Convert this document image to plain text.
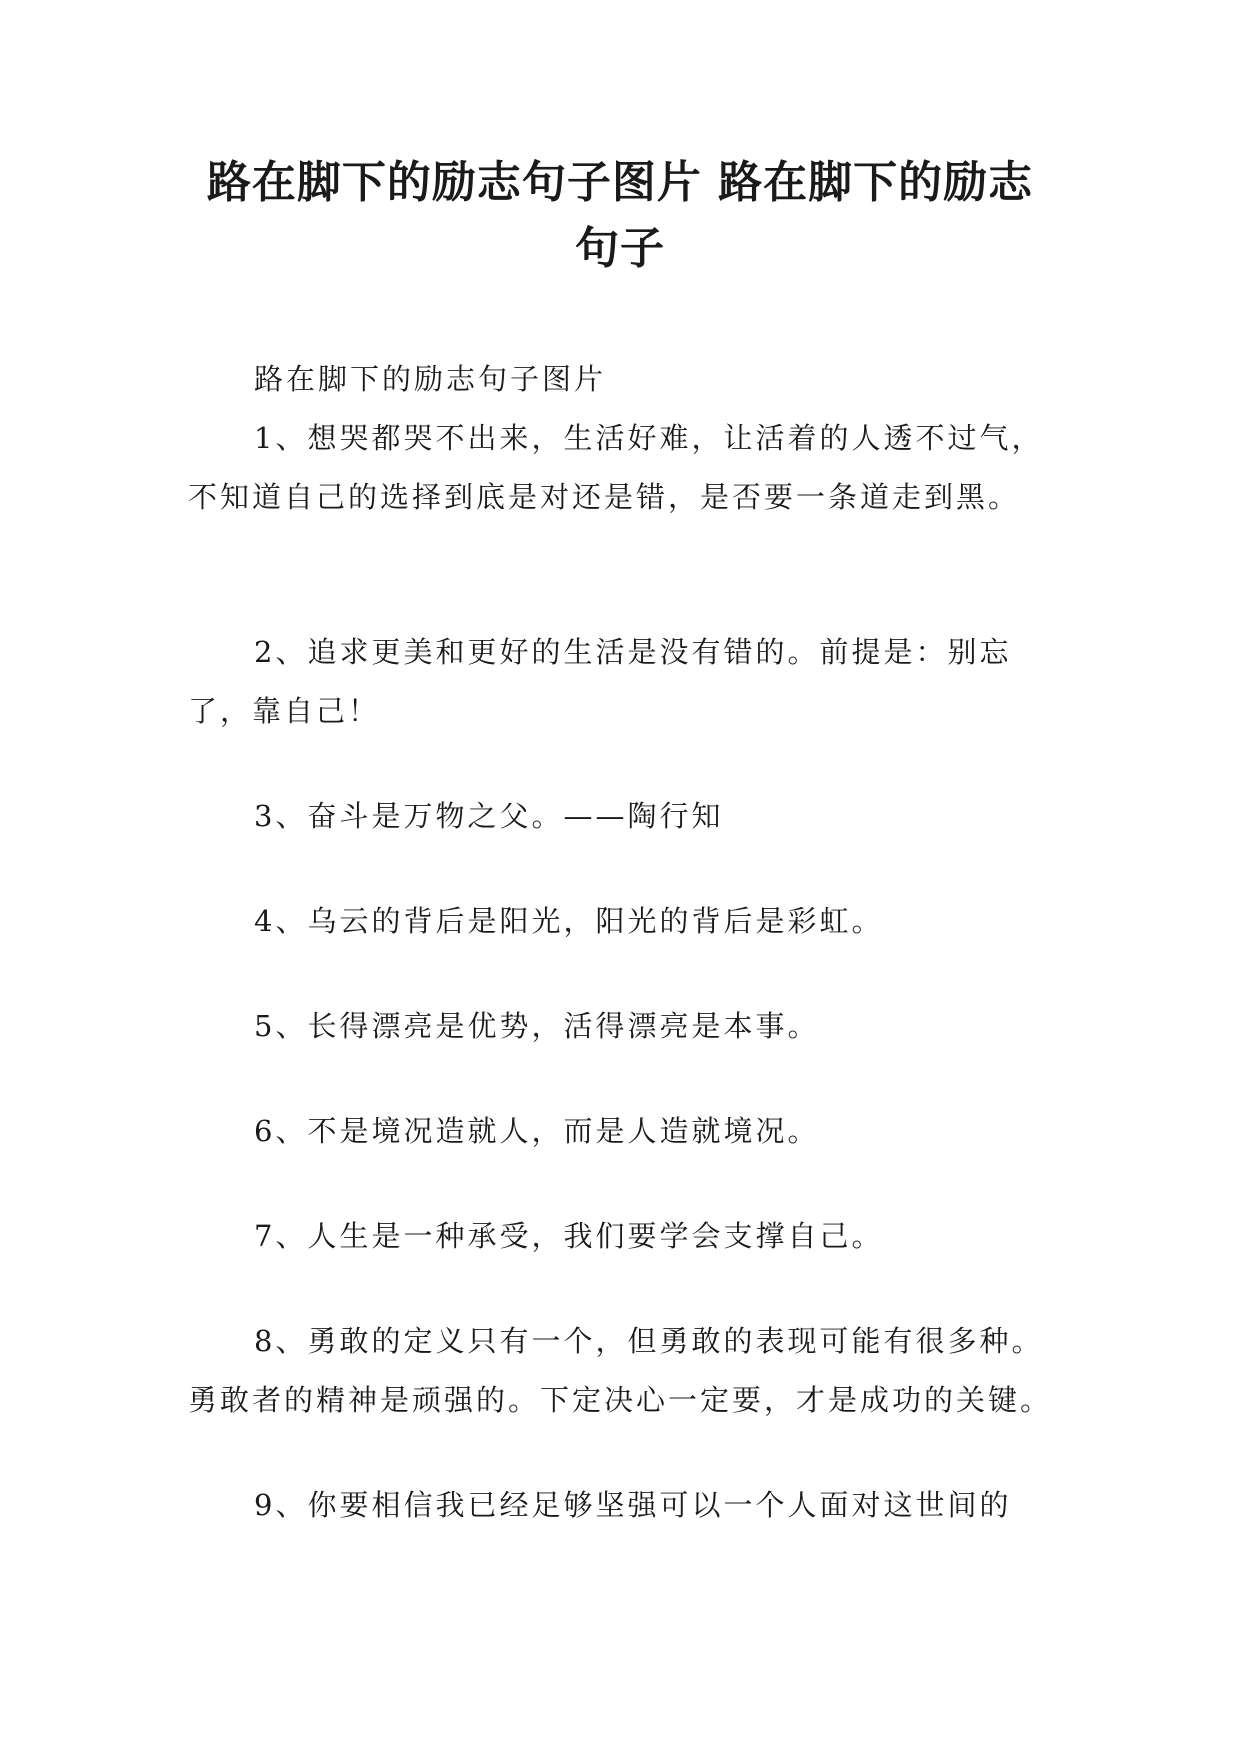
路在脚下的励志句子图片 路在脚下的励志
句子
路在脚下的励志句子图片
1、想哭都哭不出来，生活好难，让活着的人透不过气，
不知道自己的选择到底是对还是错，是否要一条道走到黑。
2、追求更美和更好的生活是没有错的。前提是：别忘
了，靠自己！
3、奋斗是万物之父。——陶行知
4、乌云的背后是阳光，阳光的背后是彩虹。
5、长得漂亮是优势，活得漂亮是本事。
6、不是境况造就人，而是人造就境况。
7、人生是一种承受，我们要学会支撑自己。
8、勇敢的定义只有一个，但勇敢的表现可能有很多种。
勇敢者的精神是顽强的。下定决心一定要，才是成功的关键。
9、你要相信我已经足够坚强可以一个人面对这世间的
